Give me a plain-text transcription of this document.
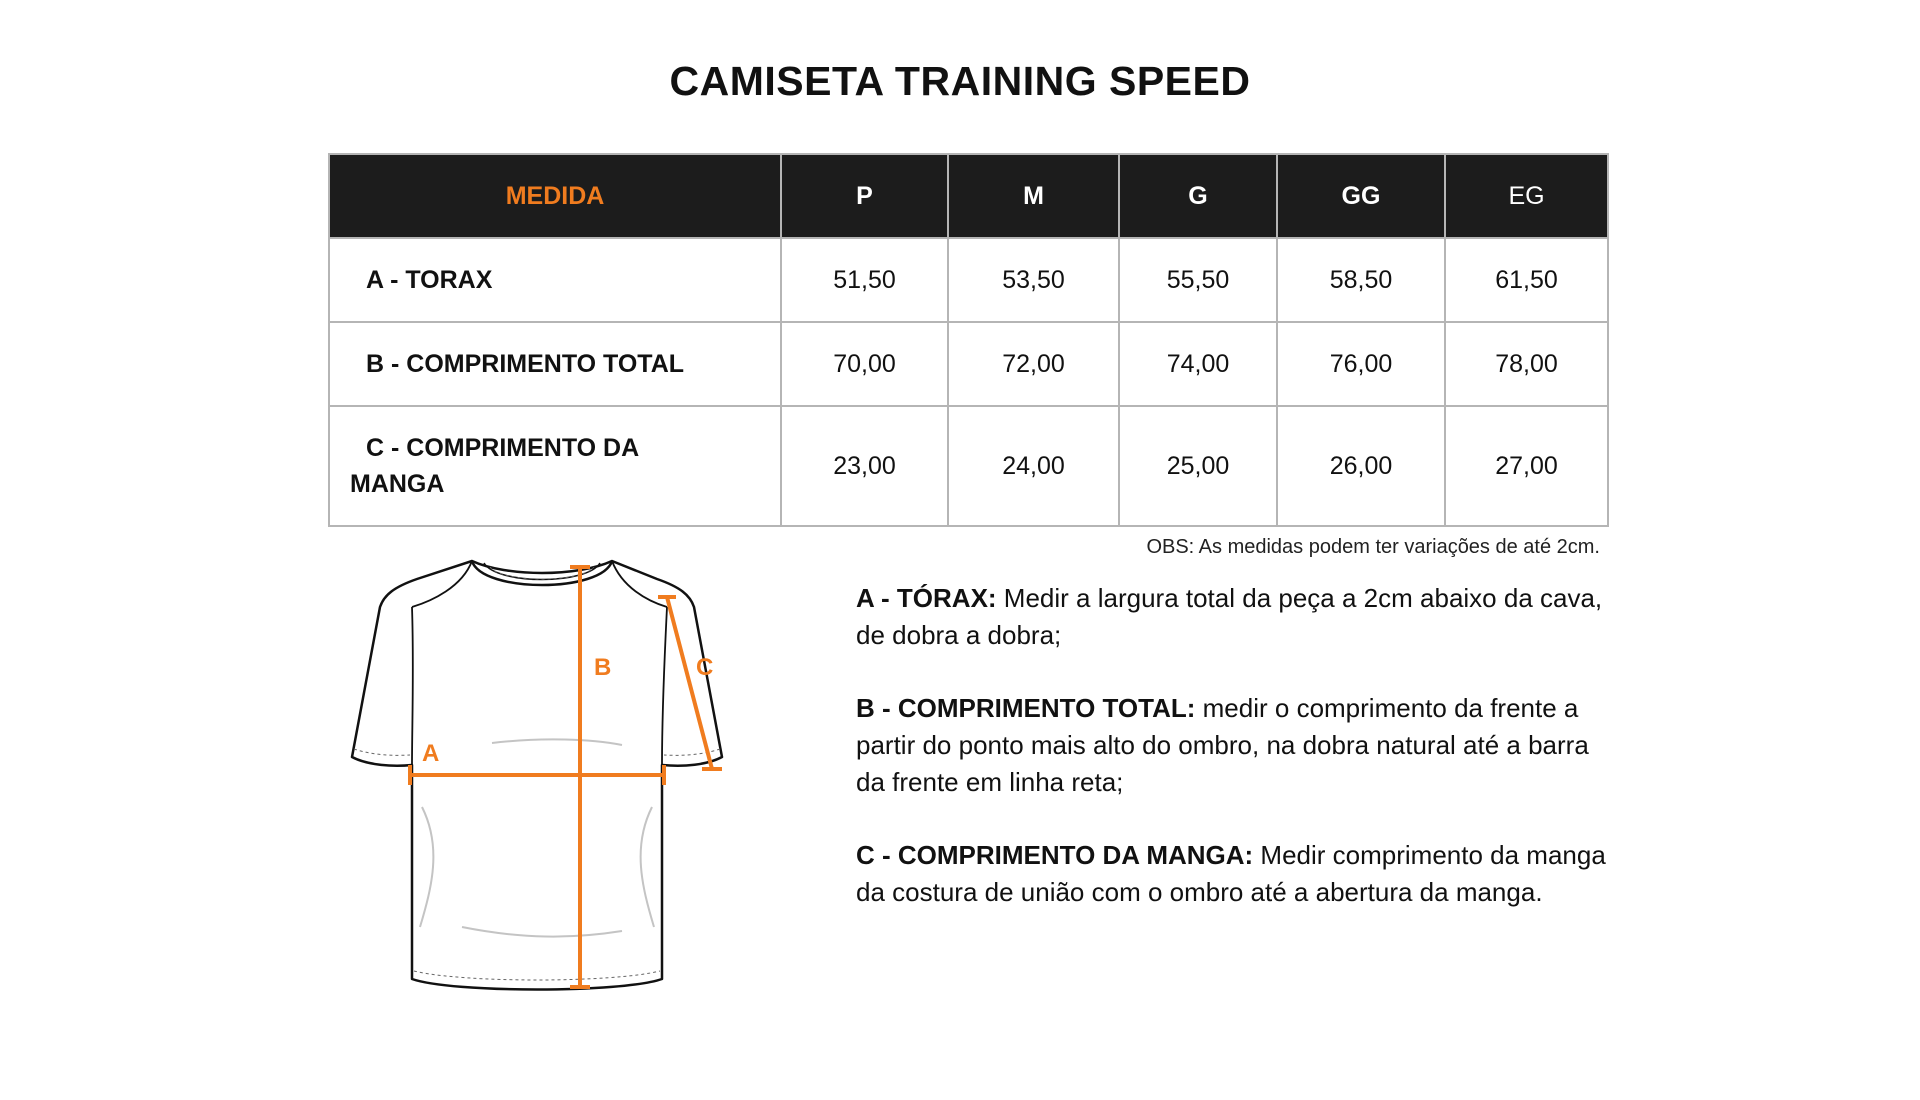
CAMISETA TRAINING SPEED
MEDIDA	P	M	G	GG	EG
A - TORAX	51,50	53,50	55,50	58,50	61,50
B - COMPRIMENTO TOTAL	70,00	72,00	74,00	76,00	78,00
C - COMPRIMENTO DA
MANGA	23,00	24,00	25,00	26,00	27,00
OBS: As medidas podem ter variações de até 2cm.
A
B	C

A - TÓRAX: Medir a largura total da peça a 2cm abaixo da cava, de dobra a dobra;

B - COMPRIMENTO TOTAL: medir o comprimento da frente a partir do ponto mais alto do ombro, na dobra natural até a barra da frente em linha reta;

C - COMPRIMENTO DA MANGA: Medir comprimento da manga da costura de união com o ombro até a abertura da manga.
